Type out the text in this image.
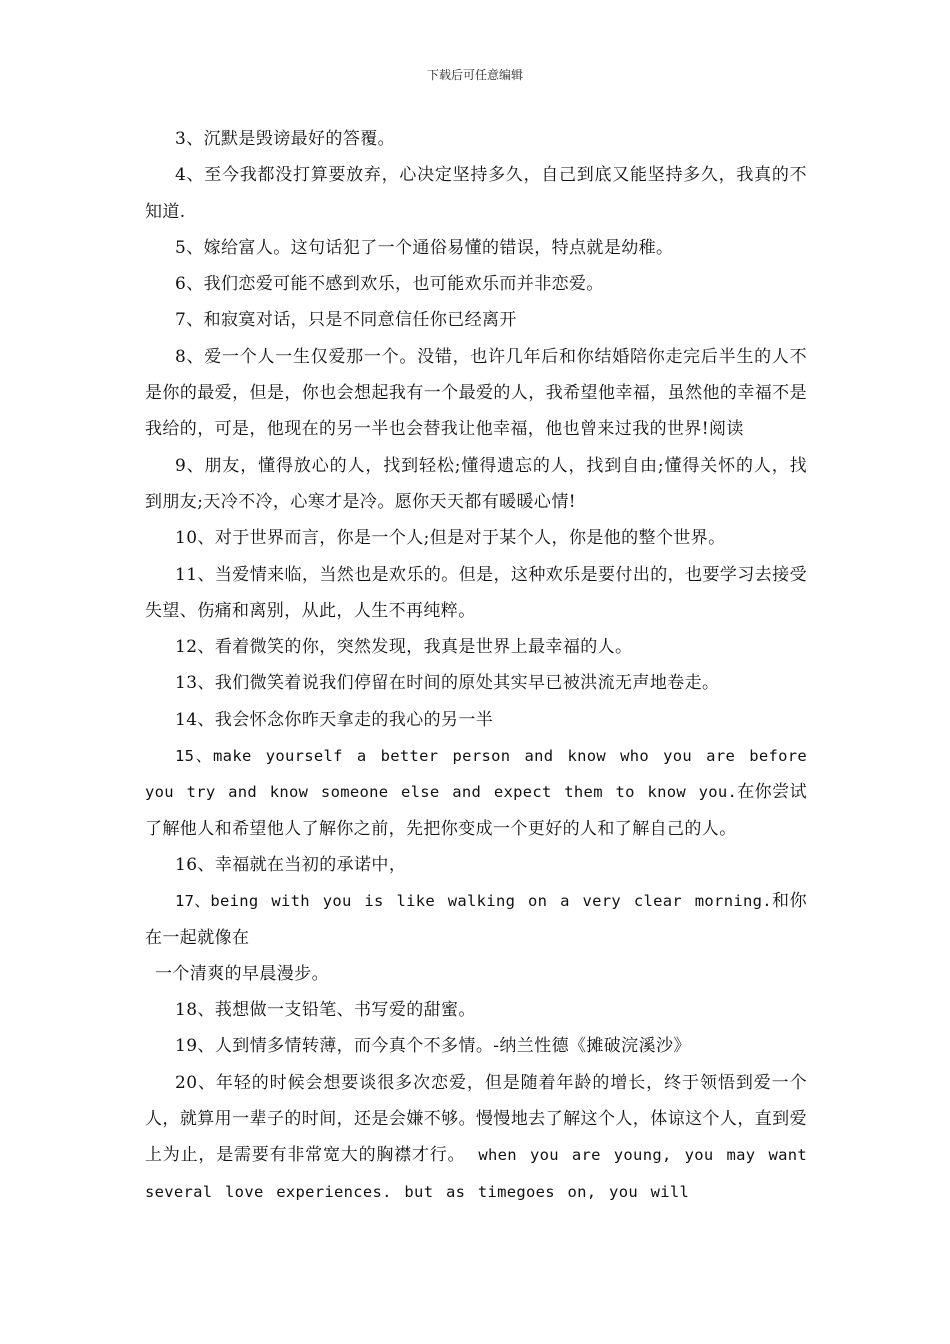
下载后可任意编辑

3、沉默是毁谤最好的答覆。

4、至今我都没打算要放弃，心决定坚持多久，自己到底又能坚持多久，我真的不知道.

5、嫁给富人。这句话犯了一个通俗易懂的错误，特点就是幼稚。

6、我们恋爱可能不感到欢乐，也可能欢乐而并非恋爱。

7、和寂寞对话，只是不同意信任你已经离开

8、爱一个人一生仅爱那一个。没错，也许几年后和你结婚陪你走完后半生的人不是你的最爱，但是，你也会想起我有一个最爱的人，我希望他幸福，虽然他的幸福不是我给的，可是，他现在的另一半也会替我让他幸福，他也曾来过我的世界!阅读

9、朋友，懂得放心的人，找到轻松;懂得遗忘的人，找到自由;懂得关怀的人，找到朋友;天冷不冷，心寒才是冷。愿你天天都有暖暖心情!

10、对于世界而言，你是一个人;但是对于某个人，你是他的整个世界。

11、当爱情来临，当然也是欢乐的。但是，这种欢乐是要付出的，也要学习去接受失望、伤痛和离别，从此，人生不再纯粹。

12、看着微笑的你，突然发现，我真是世界上最幸福的人。

13、我们微笑着说我们停留在时间的原处其实早已被洪流无声地卷走。

14、我会怀念你昨天拿走的我心的另一半

15、make yourself a better person and know who you are before you try and know someone else and expect them to know you.在你尝试了解他人和希望他人了解你之前，先把你变成一个更好的人和了解自己的人。

16、幸福就在当初的承诺中，

17、being with you is like walking on a very clear morning.和你在一起就像在

一个清爽的早晨漫步。

18、莪想做一支铅笔、书写爱的甜蜜。

19、人到情多情转薄，而今真个不多情。-纳兰性德《摊破浣溪沙》

20、年轻的时候会想要谈很多次恋爱，但是随着年龄的增长，终于领悟到爱一个人，就算用一辈子的时间，还是会嫌不够。慢慢地去了解这个人，体谅这个人，直到爱上为止，是需要有非常宽大的胸襟才行。 when you are young, you may want several love experiences. but as timegoes on, you will
